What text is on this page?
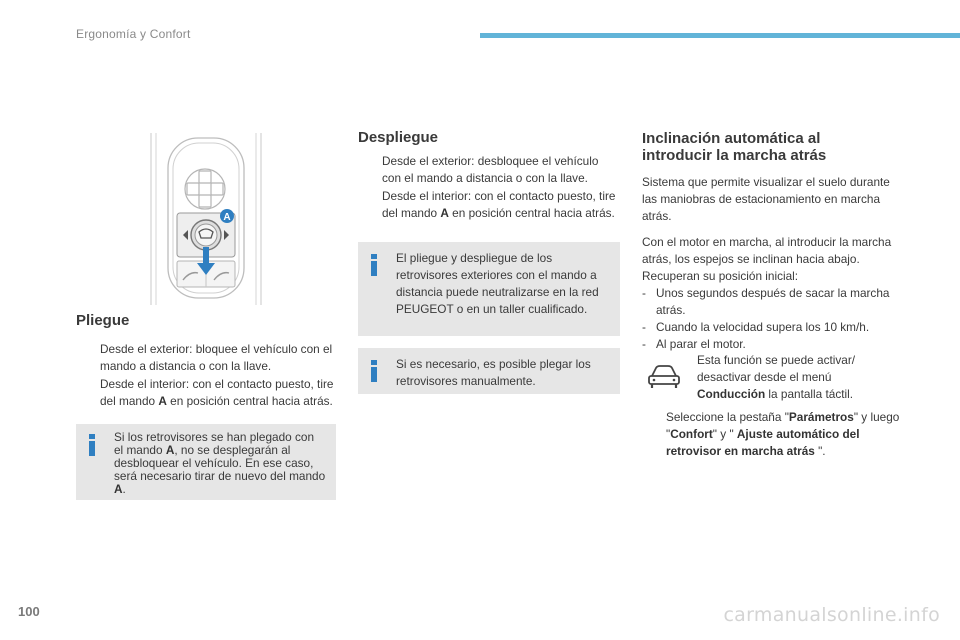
Ergonomía y Confort
A
Pliegue
Desde el exterior: bloquee el vehículo con el mando a distancia o con la llave.
Desde el interior: con el contacto puesto, tire del mando A en posición central hacia atrás.
Si los retrovisores se han plegado con el mando A, no se desplegarán al desbloquear el vehículo. En ese caso, será necesario tirar de nuevo del mando A.
Despliegue
Desde el exterior: desbloquee el vehículo con el mando a distancia o con la llave.
Desde el interior: con el contacto puesto, tire del mando A en posición central hacia atrás.
El pliegue y despliegue de los retrovisores exteriores con el mando a distancia puede neutralizarse en la red PEUGEOT o en un taller cualificado.
Si es necesario, es posible plegar los retrovisores manualmente.
Inclinación automática al
introducir la marcha atrás

Sistema que permite visualizar el suelo durante las maniobras de estacionamiento en marcha atrás.

Con el motor en marcha, al introducir la marcha atrás, los espejos se inclinan hacia abajo.

Recuperan su posición inicial:

- Unos segundos después de sacar la marcha atrás.
- Cuando la velocidad supera los 10 km/h.
- Al parar el motor.
Esta función se puede activar/ desactivar desde el menú Conducción la pantalla táctil.
Seleccione la pestaña "Parámetros" y luego "Confort" y " Ajuste automático del retrovisor en marcha atrás ".
100	carmanualsonline.info
